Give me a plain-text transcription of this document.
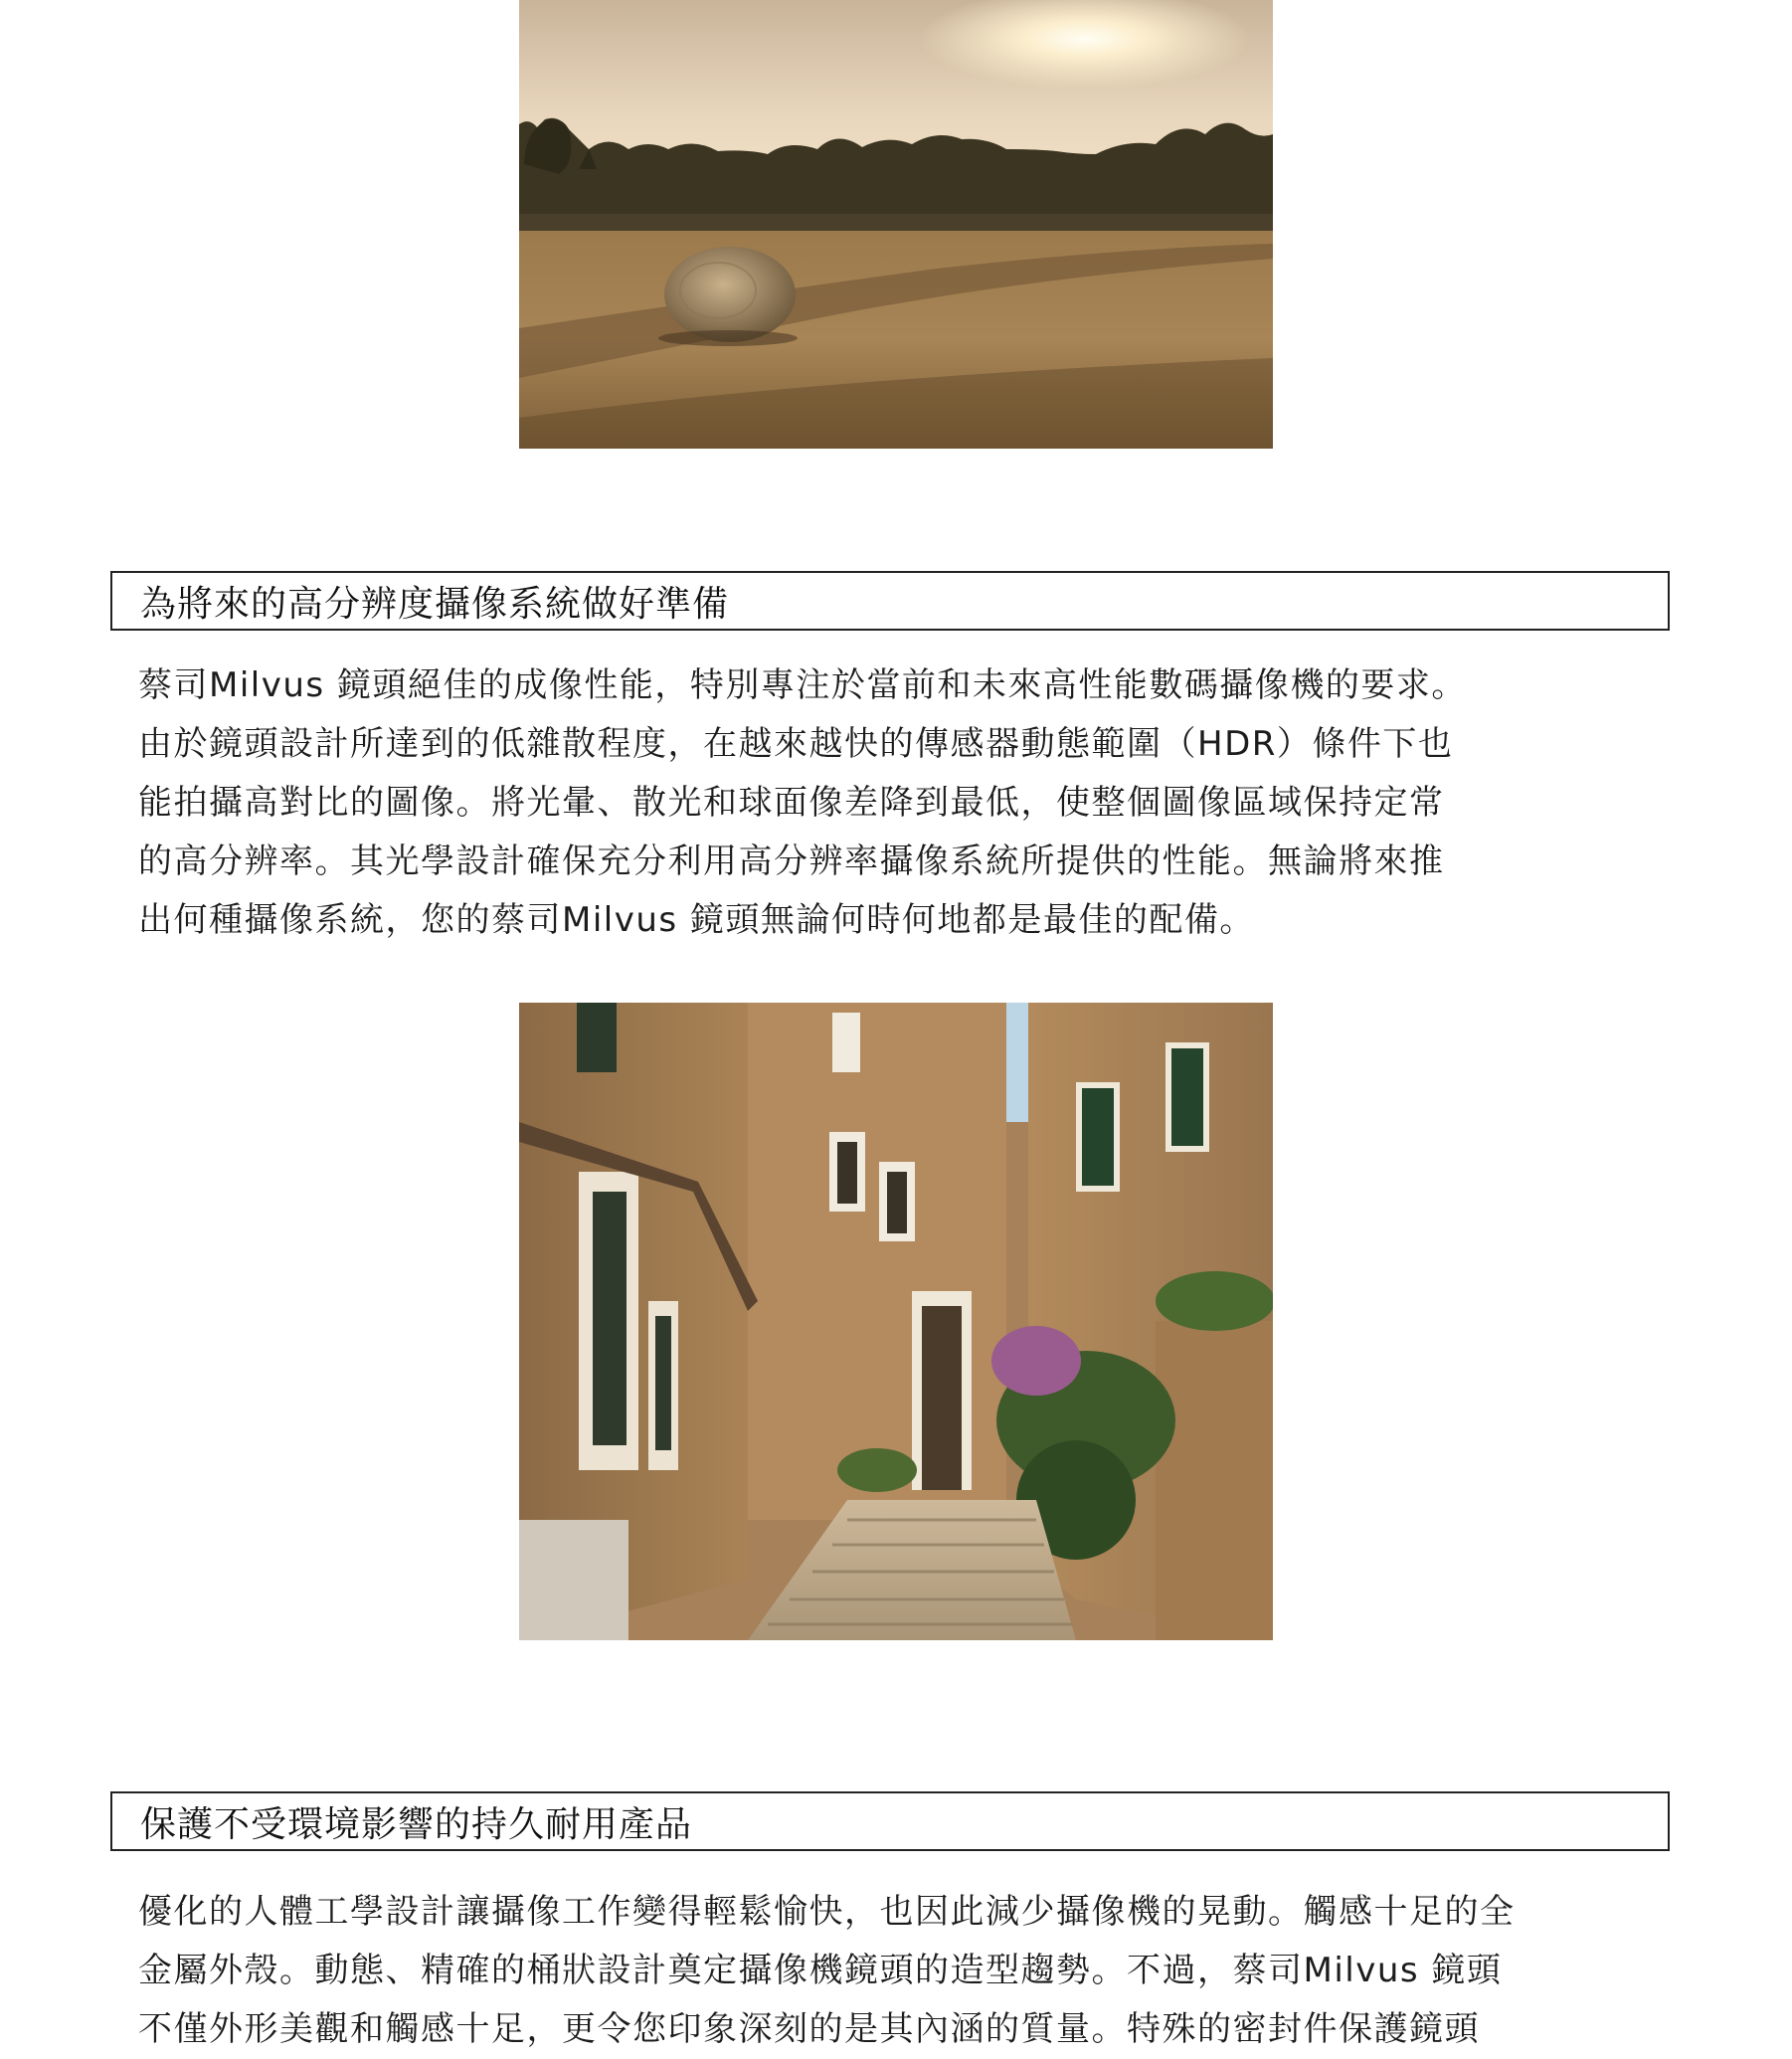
為將來的高分辨度攝像系統做好準備
蔡司Milvus 鏡頭絕佳的成像性能，特別專注於當前和未來高性能數碼攝像機的要求。
由於鏡頭設計所達到的低雜散程度，在越來越快的傳感器動態範圍（HDR）條件下也
能拍攝高對比的圖像。將光暈、散光和球面像差降到最低，使整個圖像區域保持定常
的高分辨率。其光學設計確保充分利用高分辨率攝像系統所提供的性能。無論將來推
出何種攝像系統，您的蔡司Milvus 鏡頭無論何時何地都是最佳的配備。
保護不受環境影響的持久耐用產品
優化的人體工學設計讓攝像工作變得輕鬆愉快，也因此減少攝像機的晃動。觸感十足的全
金屬外殼。動態、精確的桶狀設計奠定攝像機鏡頭的造型趨勢。不過，蔡司Milvus 鏡頭
不僅外形美觀和觸感十足，更令您印象深刻的是其內涵的質量。特殊的密封件保護鏡頭
